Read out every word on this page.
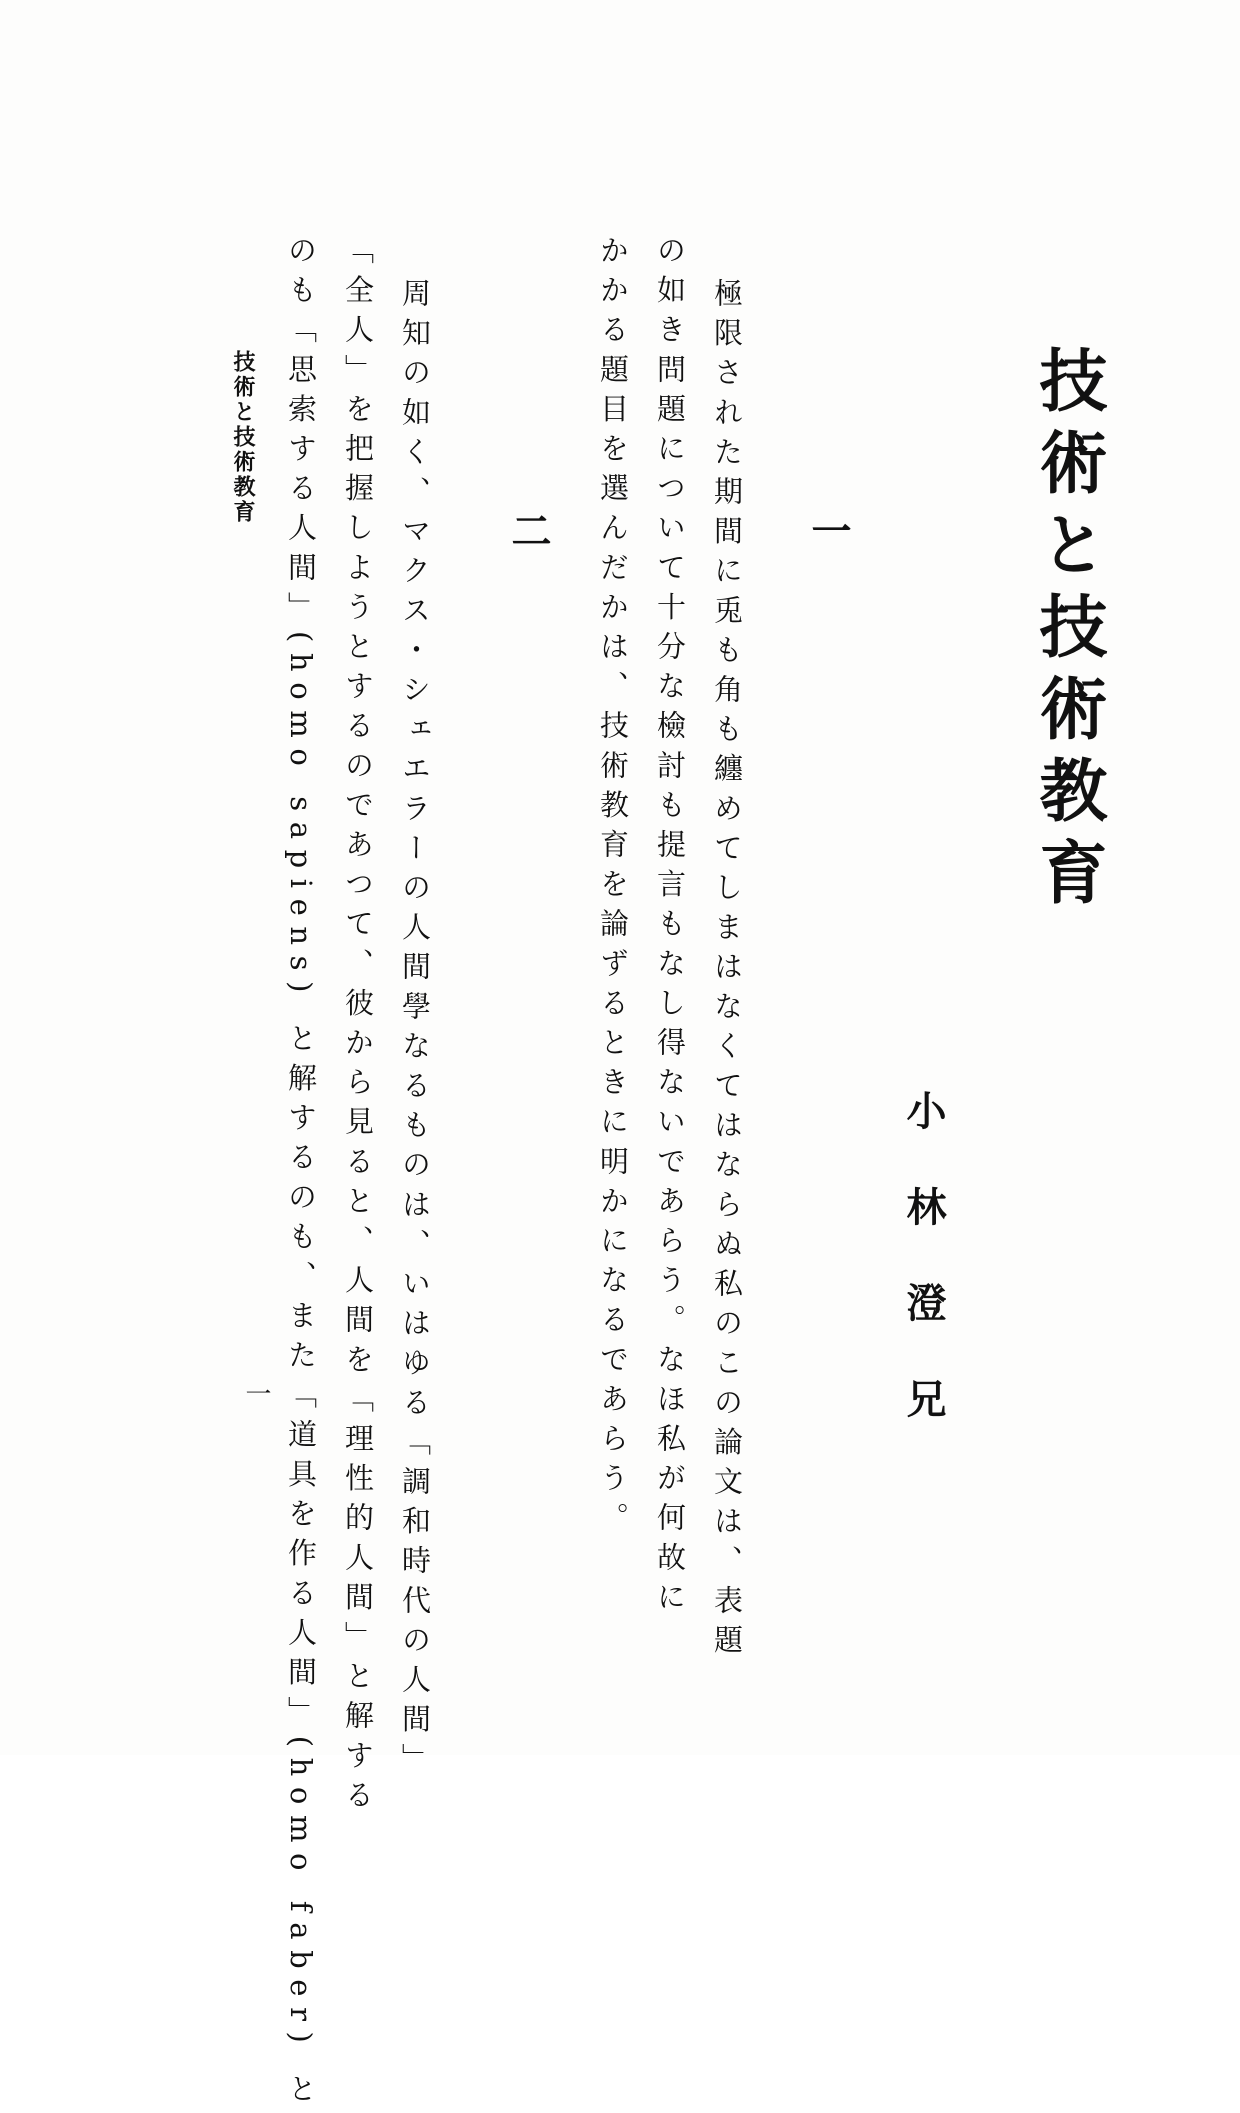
技術と技術教育
小林澄兄
一
極限された期間に兎も角も纏めてしまはなくてはならぬ私のこの論文は、表題
の如き問題について十分な檢討も提言もなし得ないであらう。なほ私が何故に
かかる題目を選んだかは、技術教育を論ずるときに明かになるであらう。
二
周知の如く、マクス・シェエラーの人間學なるものは、いはゆる「調和時代の人間」
「全人」を把握しようとするのであつて、彼から見ると、人間を「理性的人間」と解する
のも「思索する人間」(homo sapiens) と解するのも、また「道具を作る人間」(homo faber) と
技術と技術教育
一
